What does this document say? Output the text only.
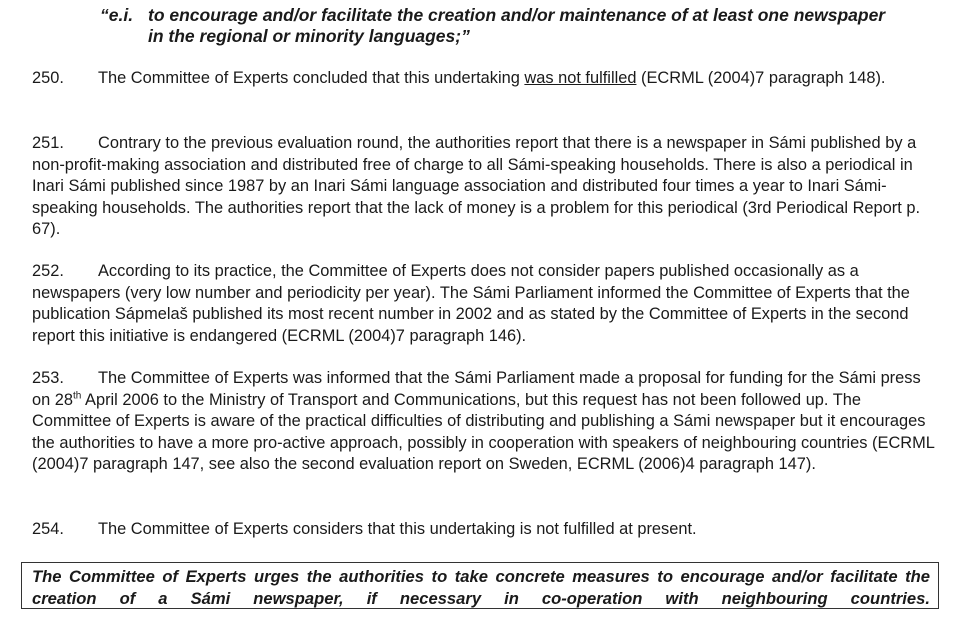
“e.i. to encourage and/or facilitate the creation and/or maintenance of at least one newspaper
in the regional or minority languages;”

250. The Committee of Experts concluded that this undertaking was not fulfilled (ECRML (2004)7 paragraph 148).

251. Contrary to the previous evaluation round, the authorities report that there is a newspaper in Sámi published by a non-profit-making association and distributed free of charge to all Sámi-speaking households. There is also a periodical in Inari Sámi published since 1987 by an Inari Sámi language association and distributed four times a year to Inari Sámi-speaking households. The authorities report that the lack of money is a problem for this periodical (3rd Periodical Report p. 67).

252. According to its practice, the Committee of Experts does not consider papers published occasionally as a newspapers (very low number and periodicity per year). The Sámi Parliament informed the Committee of Experts that the publication Sápmelaš published its most recent number in 2002 and as stated by the Committee of Experts in the second report this initiative is endangered (ECRML (2004)7 paragraph 146).

253. The Committee of Experts was informed that the Sámi Parliament made a proposal for funding for the Sámi press on 28th April 2006 to the Ministry of Transport and Communications, but this request has not been followed up. The Committee of Experts is aware of the practical difficulties of distributing and publishing a Sámi newspaper but it encourages the authorities to have a more pro-active approach, possibly in cooperation with speakers of neighbouring countries (ECRML (2004)7 paragraph 147, see also the second evaluation report on Sweden, ECRML (2006)4 paragraph 147).

254. The Committee of Experts considers that this undertaking is not fulfilled at present.

The Committee of Experts urges the authorities to take concrete measures to encourage and/or facilitate the creation of a Sámi newspaper, if necessary in co-operation with neighbouring countries.
